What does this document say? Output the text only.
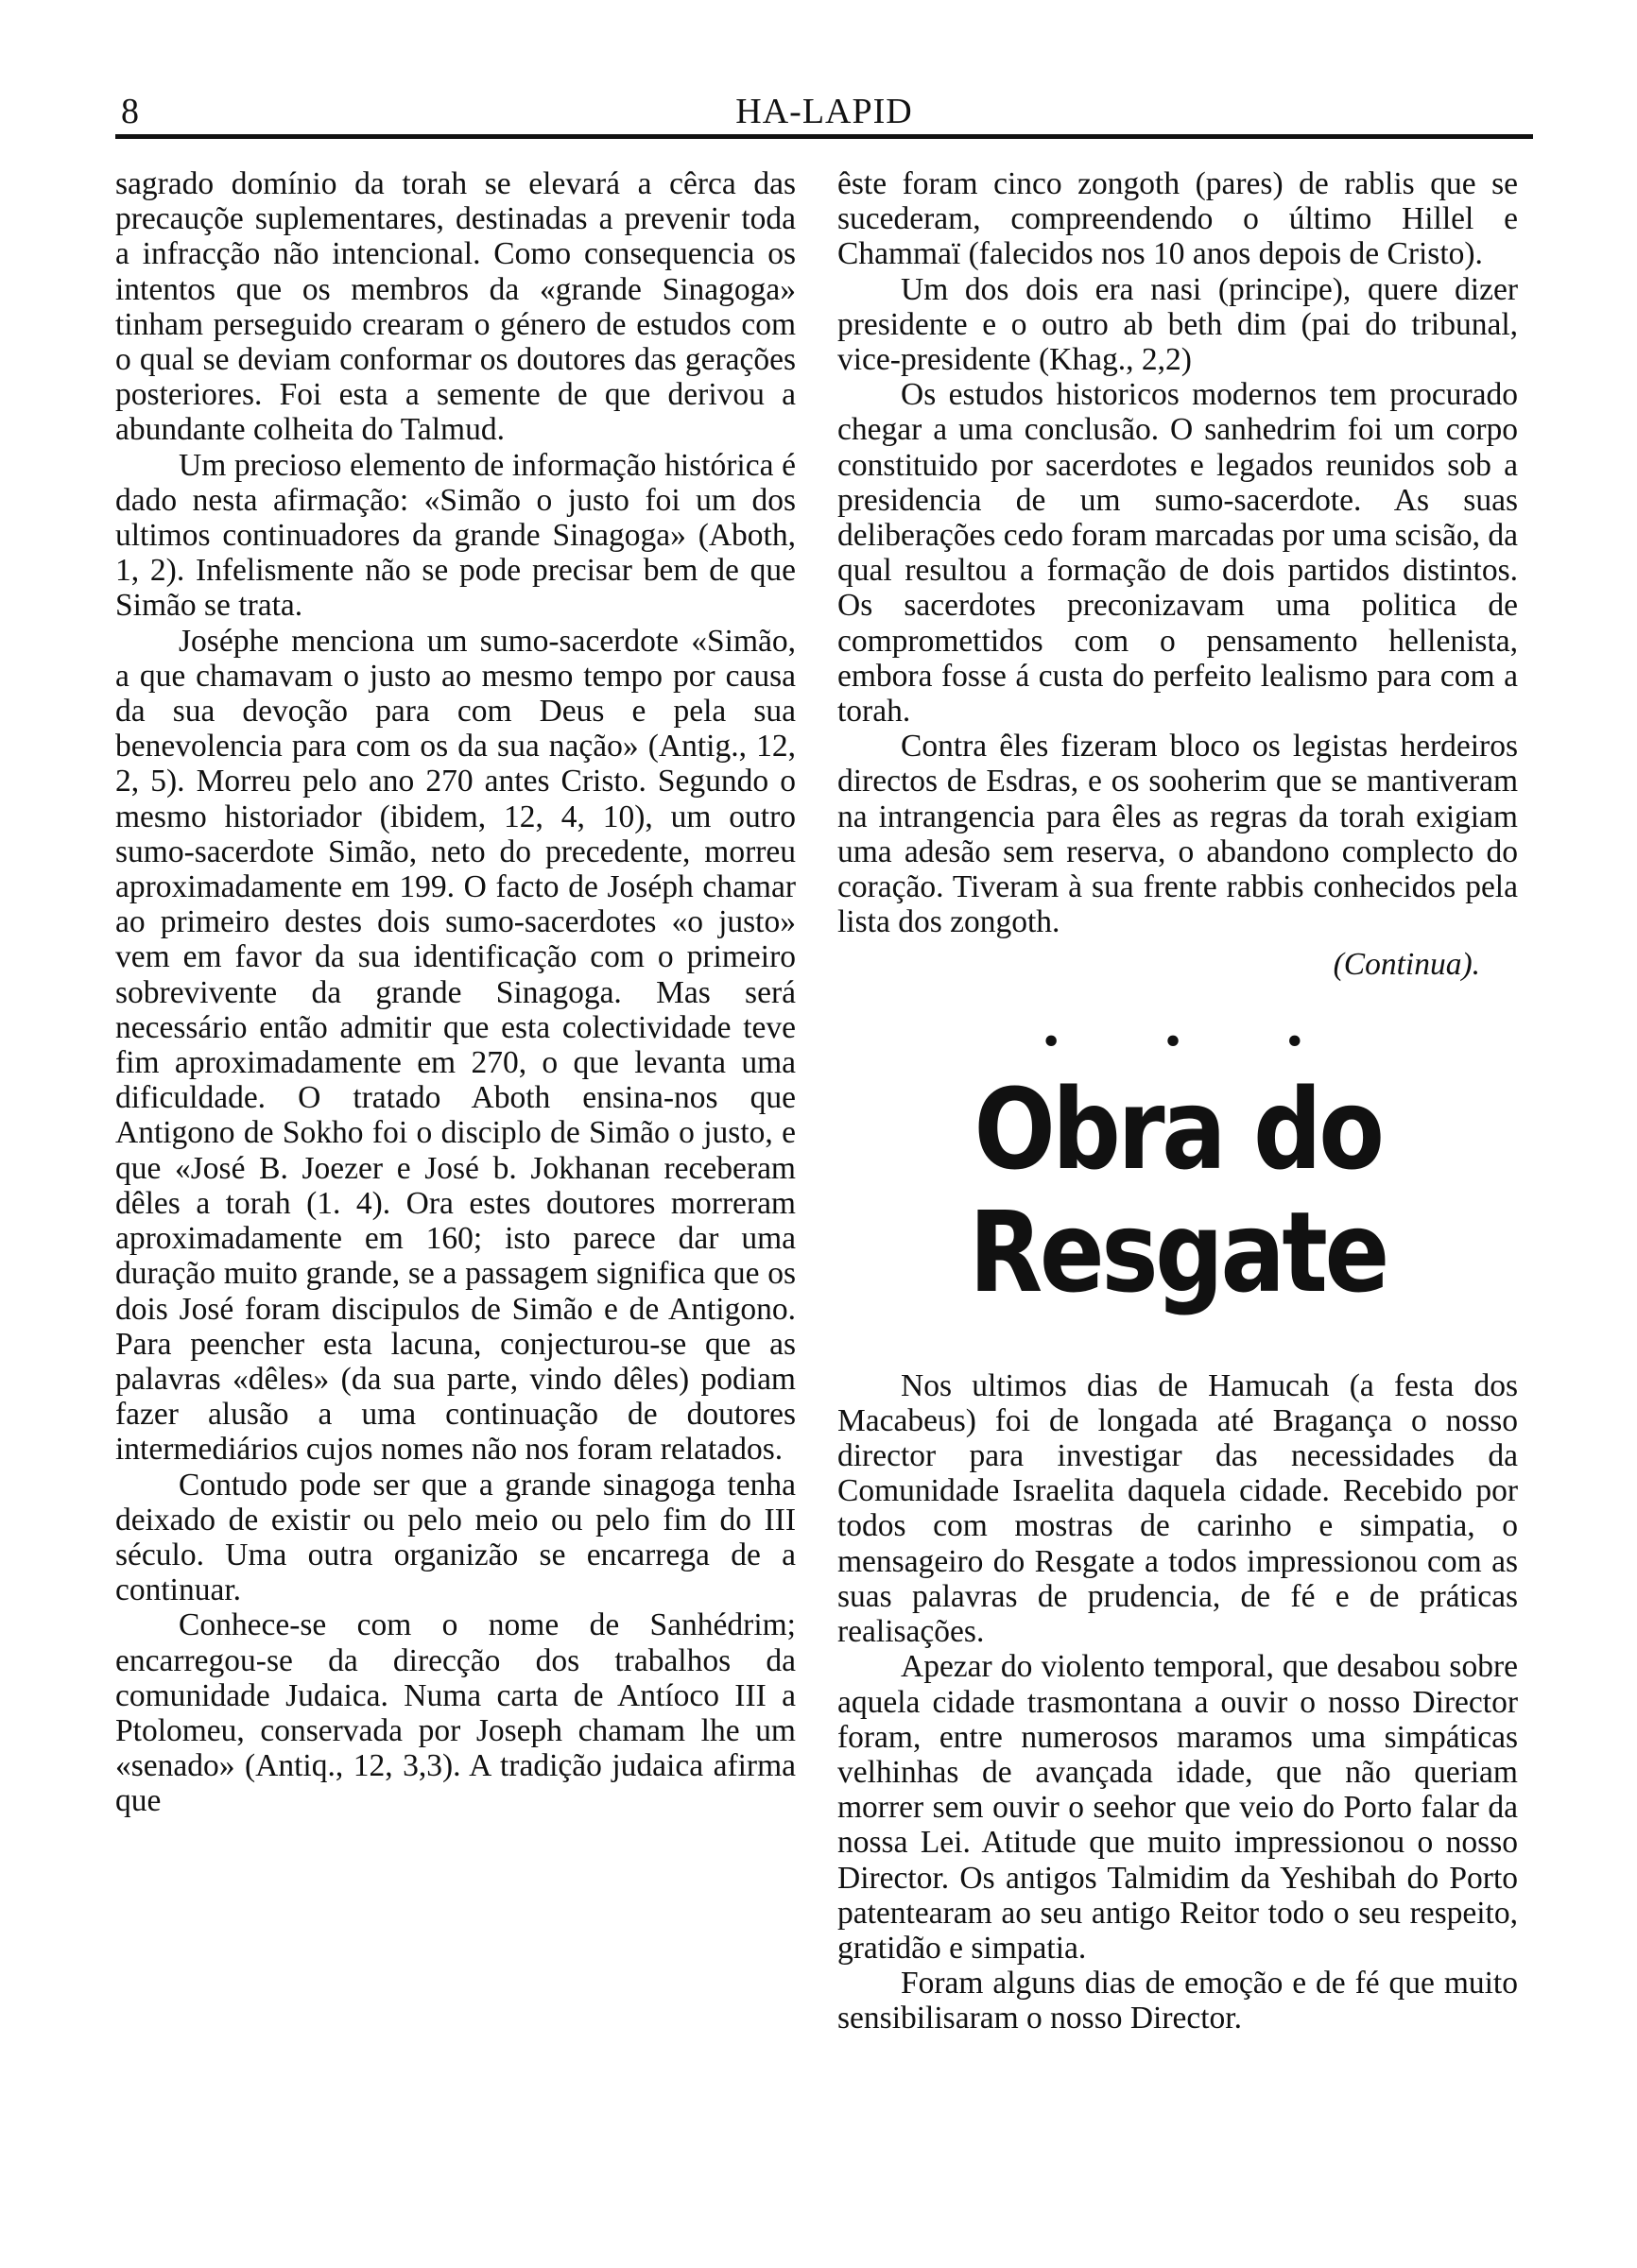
8	HA-LAPID

sagrado domínio da torah se elevará a cêrca das precauçõe suplementares, destinadas a prevenir toda a infracção não intencional. Como consequencia os intentos que os membros da «grande Sinagoga» tinham perseguido crearam o género de estudos com o qual se deviam conformar os doutores das gerações posteriores. Foi esta a semente de que derivou a abundante colheita do Talmud.

Um precioso elemento de informação histórica é dado nesta afirmação: «Simão o justo foi um dos ultimos continuadores da grande Sinagoga» (Aboth, 1, 2). Infelismente não se pode precisar bem de que Simão se trata.

Joséphe menciona um sumo-sacerdote «Simão, a que chamavam o justo ao mesmo tempo por causa da sua devoção para com Deus e pela sua benevolencia para com os da sua nação» (Antig., 12, 2, 5). Morreu pelo ano 270 antes Cristo. Segundo o mesmo historiador (ibidem, 12, 4, 10), um outro sumo-sacerdote Simão, neto do precedente, morreu aproximadamente em 199. O facto de Joséph chamar ao primeiro destes dois sumo-sacerdotes «o justo» vem em favor da sua identificação com o primeiro sobrevivente da grande Sinagoga. Mas será necessário então admitir que esta colectividade teve fim aproximadamente em 270, o que levanta uma dificuldade. O tratado Aboth ensina-nos que Antigono de Sokho foi o disciplo de Simão o justo, e que «José B. Joezer e José b. Jokhanan receberam dêles a torah (1. 4). Ora estes doutores morreram aproximadamente em 160; isto parece dar uma duração muito grande, se a passagem significa que os dois José foram discipulos de Simão e de Antigono. Para peencher esta lacuna, conjecturou-se que as palavras «dêles» (da sua parte, vindo dêles) podiam fazer alusão a uma continuação de doutores intermediários cujos nomes não nos foram relatados.

Contudo pode ser que a grande sinagoga tenha deixado de existir ou pelo meio ou pelo fim do III século. Uma outra organizão se encarrega de a continuar.

Conhece-se com o nome de Sanhédrim; encarregou-se da direcção dos trabalhos da comunidade Judaica. Numa carta de Antíoco III a Ptolomeu, conservada por Joseph chamam lhe um «senado» (Antiq., 12, 3,3). A tradição judaica afirma que

êste foram cinco zongoth (pares) de rablis que se sucederam, compreendendo o último Hillel e Chammaï (falecidos nos 10 anos depois de Cristo).

Um dos dois era nasi (principe), quere dizer presidente e o outro ab beth dim (pai do tribunal, vice-presidente (Khag., 2,2)

Os estudos historicos modernos tem procurado chegar a uma conclusão. O sanhedrim foi um corpo constituido por sacerdotes e legados reunidos sob a presidencia de um sumo-sacerdote. As suas deliberações cedo foram marcadas por uma scisão, da qual resultou a formação de dois partidos distintos. Os sacerdotes preconizavam uma politica de compromettidos com o pensamento hellenista, embora fosse á custa do perfeito lealismo para com a torah.

Contra êles fizeram bloco os legistas herdeiros directos de Esdras, e os sooherim que se mantiveram na intrangencia para êles as regras da torah exigiam uma adesão sem reserva, o abandono complecto do coração. Tiveram à sua frente rabbis conhecidos pela lista dos zongoth.

(Continua).

• • •
Obra do Resgate

Nos ultimos dias de Hamucah (a festa dos Macabeus) foi de longada até Bragança o nosso director para investigar das necessidades da Comunidade Israelita daquela cidade. Recebido por todos com mostras de carinho e simpatia, o mensageiro do Resgate a todos impressionou com as suas palavras de prudencia, de fé e de práticas realisações.

Apezar do violento temporal, que desabou sobre aquela cidade trasmontana a ouvir o nosso Director foram, entre numerosos maramos uma simpáticas velhinhas de avançada idade, que não queriam morrer sem ouvir o seehor que veio do Porto falar da nossa Lei. Atitude que muito impressionou o nosso Director. Os antigos Talmidim da Yeshibah do Porto patentearam ao seu antigo Reitor todo o seu respeito, gratidão e simpatia.

Foram alguns dias de emoção e de fé que muito sensibilisaram o nosso Director.
